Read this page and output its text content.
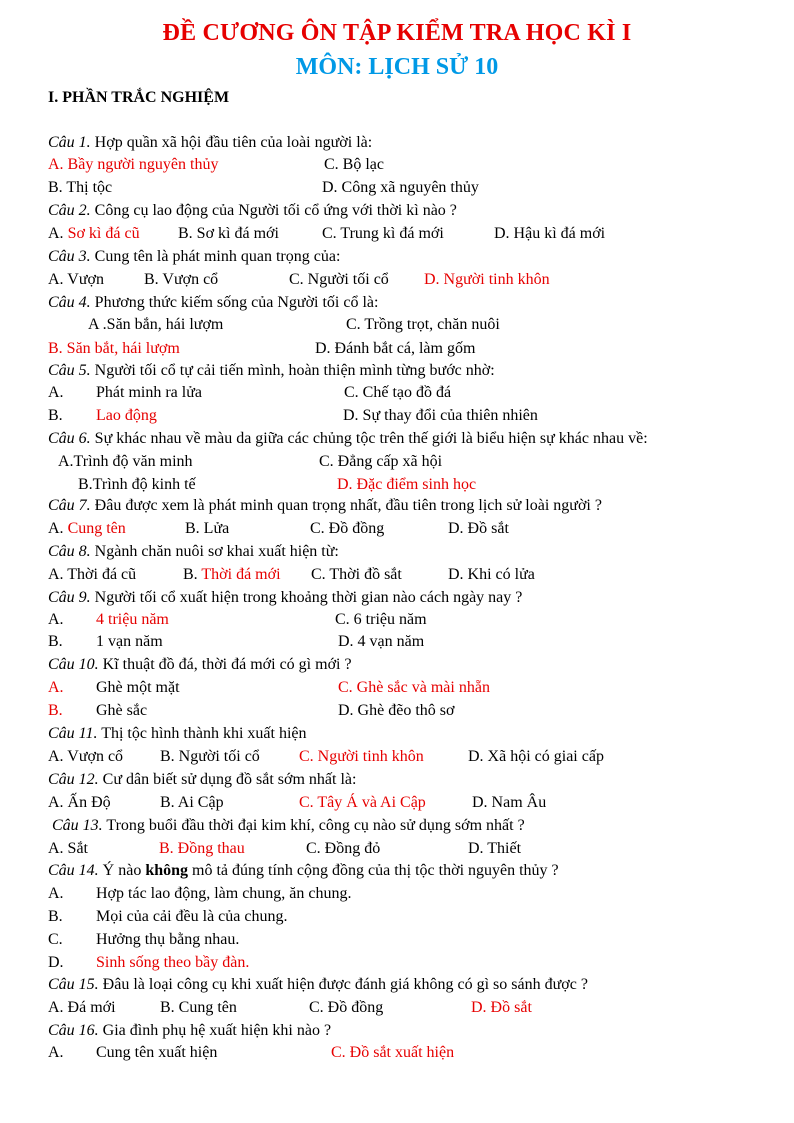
ĐỀ CƯƠNG ÔN TẬP KIỂM TRA HỌC KÌ I
MÔN: LỊCH SỬ 10
I. PHẦN TRẮC NGHIỆM
Câu 1. Hợp quần xã hội đầu tiên của loài người là:
A. Bầy người nguyên thủy	C. Bộ lạc
B. Thị tộc	D. Công xã nguyên thủy
Câu 2. Công cụ lao động của Người tối cổ ứng với thời kì nào ?
A. Sơ kì đá cũ B. Sơ kì đá mới	C. Trung kì đá mới	D. Hậu kì đá mới
Câu 3. Cung tên là phát minh quan trọng của:
A. Vượn	B. Vượn cổ	C. Người tối cổ D. Người tinh khôn
Câu 4. Phương thức kiếm sống của Người tối cổ là:
A .Săn bắn, hái lượm	C. Trồng trọt, chăn nuôi
B. Săn bắt, hái lượm	D. Đánh bắt cá, làm gốm
Câu 5. Người tối cổ tự cải tiến mình, hoàn thiện mình từng bước nhờ:
A. Phát minh ra lửa	C. Chế tạo đồ đá
B. Lao động	D. Sự thay đổi của thiên nhiên
Câu 6. Sự khác nhau về màu da giữa các chủng tộc trên thế giới là biểu hiện sự khác nhau về:
A.Trình độ văn minh	C. Đẳng cấp xã hội
B.Trình độ kinh tế	D. Đặc điểm sinh học
Câu 7. Đâu được xem là phát minh quan trọng nhất, đầu tiên trong lịch sử loài người ?
A. Cung tên	B. Lửa	C. Đồ đồng	D. Đồ sắt
Câu 8. Ngành chăn nuôi sơ khai xuất hiện từ:
A. Thời đá cũ	B. Thời đá mới C. Thời đồ sắt	D. Khi có lửa
Câu 9. Người tối cổ xuất hiện trong khoảng thời gian nào cách ngày nay ?
A. 4 triệu năm	C. 6 triệu năm
B. 1 vạn năm	D. 4 vạn năm
Câu 10. Kĩ thuật đồ đá, thời đá mới có gì mới ?
A. Ghè một mặt	C. Ghè sắc và mài nhẵn
B. Ghè sắc	D. Ghè đẽo thô sơ
Câu 11. Thị tộc hình thành khi xuất hiện
A. Vượn cổ B. Người tối cổ C. Người tinh khôn	D. Xã hội có giai cấp
Câu 12. Cư dân biết sử dụng đồ sắt sớm nhất là:
A. Ấn Độ	B. Ai Cập	C. Tây Á và Ai Cập	D. Nam Âu
Câu 13. Trong buổi đầu thời đại kim khí, công cụ nào sử dụng sớm nhất ?
A. Sắt	B. Đồng thau	C. Đồng đỏ	D. Thiết
Câu 14. Ý nào không mô tả đúng tính cộng đồng của thị tộc thời nguyên thủy ?
A. Hợp tác lao động, làm chung, ăn chung.
B. Mọi của cải đều là của chung.
C. Hưởng thụ bằng nhau.
D. Sinh sống theo bầy đàn.
Câu 15. Đâu là loại công cụ khi xuất hiện được đánh giá không có gì so sánh được ?
A. Đá mới	B. Cung tên	C. Đồ đồng	D. Đồ sắt
Câu 16. Gia đình phụ hệ xuất hiện khi nào ?
A. Cung tên xuất hiện	C. Đồ sắt xuất hiện
